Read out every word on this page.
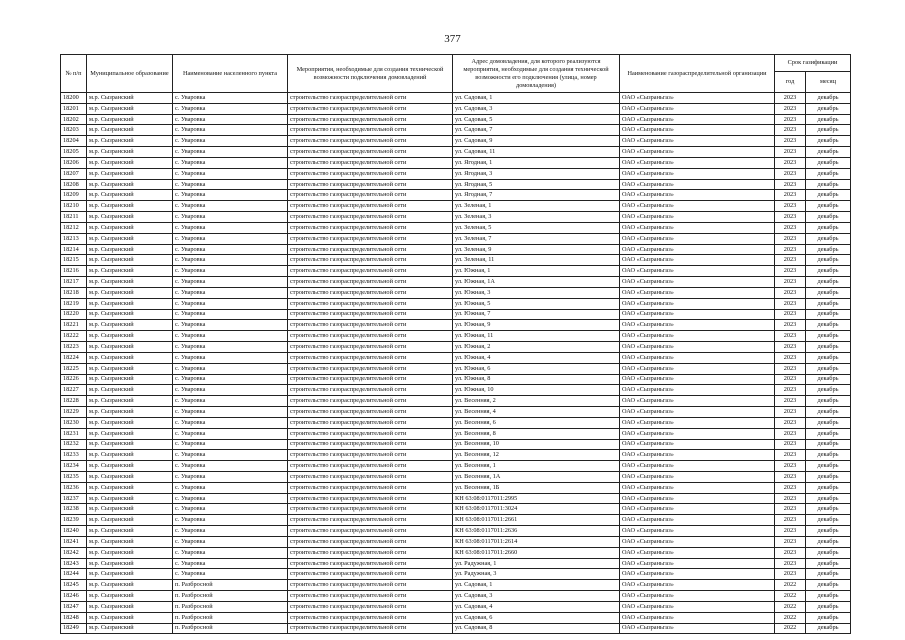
377
№ п/п	Муниципальное образование	Наименование населенного пункта	Мероприятия, необходимые для создания технической возможности подключения домовладений	Адрес домовладения, для которого реализуются мероприятия, необходимые для создания технической возможности его подключения (улица, номер домовладения)	Наименование газораспределительной организации	Срок газификации	
						год	месяц
18200	м.р. Сызранский	с. Уваровка	строительство газораспределительной сети	ул. Садовая, 1	ОАО «Сызраньгаз»	2023	декабрь
18201	м.р. Сызранский	с. Уваровка	строительство газораспределительной сети	ул. Садовая, 3	ОАО «Сызраньгаз»	2023	декабрь
18202	м.р. Сызранский	с. Уваровка	строительство газораспределительной сети	ул. Садовая, 5	ОАО «Сызраньгаз»	2023	декабрь
18203	м.р. Сызранский	с. Уваровка	строительство газораспределительной сети	ул. Садовая, 7	ОАО «Сызраньгаз»	2023	декабрь
18204	м.р. Сызранский	с. Уваровка	строительство газораспределительной сети	ул. Садовая, 9	ОАО «Сызраньгаз»	2023	декабрь
18205	м.р. Сызранский	с. Уваровка	строительство газораспределительной сети	ул. Садовая, 11	ОАО «Сызраньгаз»	2023	декабрь
18206	м.р. Сызранский	с. Уваровка	строительство газораспределительной сети	ул. Ягодная, 1	ОАО «Сызраньгаз»	2023	декабрь
18207	м.р. Сызранский	с. Уваровка	строительство газораспределительной сети	ул. Ягодная, 3	ОАО «Сызраньгаз»	2023	декабрь
18208	м.р. Сызранский	с. Уваровка	строительство газораспределительной сети	ул. Ягодная, 5	ОАО «Сызраньгаз»	2023	декабрь
18209	м.р. Сызранский	с. Уваровка	строительство газораспределительной сети	ул. Ягодная, 7	ОАО «Сызраньгаз»	2023	декабрь
18210	м.р. Сызранский	с. Уваровка	строительство газораспределительной сети	ул. Зеленая, 1	ОАО «Сызраньгаз»	2023	декабрь
18211	м.р. Сызранский	с. Уваровка	строительство газораспределительной сети	ул. Зеленая, 3	ОАО «Сызраньгаз»	2023	декабрь
18212	м.р. Сызранский	с. Уваровка	строительство газораспределительной сети	ул. Зеленая, 5	ОАО «Сызраньгаз»	2023	декабрь
18213	м.р. Сызранский	с. Уваровка	строительство газораспределительной сети	ул. Зеленая, 7	ОАО «Сызраньгаз»	2023	декабрь
18214	м.р. Сызранский	с. Уваровка	строительство газораспределительной сети	ул. Зеленая, 9	ОАО «Сызраньгаз»	2023	декабрь
18215	м.р. Сызранский	с. Уваровка	строительство газораспределительной сети	ул. Зеленая, 11	ОАО «Сызраньгаз»	2023	декабрь
18216	м.р. Сызранский	с. Уваровка	строительство газораспределительной сети	ул. Южная, 1	ОАО «Сызраньгаз»	2023	декабрь
18217	м.р. Сызранский	с. Уваровка	строительство газораспределительной сети	ул. Южная, 1А	ОАО «Сызраньгаз»	2023	декабрь
18218	м.р. Сызранский	с. Уваровка	строительство газораспределительной сети	ул. Южная, 3	ОАО «Сызраньгаз»	2023	декабрь
18219	м.р. Сызранский	с. Уваровка	строительство газораспределительной сети	ул. Южная, 5	ОАО «Сызраньгаз»	2023	декабрь
18220	м.р. Сызранский	с. Уваровка	строительство газораспределительной сети	ул. Южная, 7	ОАО «Сызраньгаз»	2023	декабрь
18221	м.р. Сызранский	с. Уваровка	строительство газораспределительной сети	ул. Южная, 9	ОАО «Сызраньгаз»	2023	декабрь
18222	м.р. Сызранский	с. Уваровка	строительство газораспределительной сети	ул. Южная, 11	ОАО «Сызраньгаз»	2023	декабрь
18223	м.р. Сызранский	с. Уваровка	строительство газораспределительной сети	ул. Южная, 2	ОАО «Сызраньгаз»	2023	декабрь
18224	м.р. Сызранский	с. Уваровка	строительство газораспределительной сети	ул. Южная, 4	ОАО «Сызраньгаз»	2023	декабрь
18225	м.р. Сызранский	с. Уваровка	строительство газораспределительной сети	ул. Южная, 6	ОАО «Сызраньгаз»	2023	декабрь
18226	м.р. Сызранский	с. Уваровка	строительство газораспределительной сети	ул. Южная, 8	ОАО «Сызраньгаз»	2023	декабрь
18227	м.р. Сызранский	с. Уваровка	строительство газораспределительной сети	ул. Южная, 10	ОАО «Сызраньгаз»	2023	декабрь
18228	м.р. Сызранский	с. Уваровка	строительство газораспределительной сети	ул. Весенняя, 2	ОАО «Сызраньгаз»	2023	декабрь
18229	м.р. Сызранский	с. Уваровка	строительство газораспределительной сети	ул. Весенняя, 4	ОАО «Сызраньгаз»	2023	декабрь
18230	м.р. Сызранский	с. Уваровка	строительство газораспределительной сети	ул. Весенняя, 6	ОАО «Сызраньгаз»	2023	декабрь
18231	м.р. Сызранский	с. Уваровка	строительство газораспределительной сети	ул. Весенняя, 8	ОАО «Сызраньгаз»	2023	декабрь
18232	м.р. Сызранский	с. Уваровка	строительство газораспределительной сети	ул. Весенняя, 10	ОАО «Сызраньгаз»	2023	декабрь
18233	м.р. Сызранский	с. Уваровка	строительство газораспределительной сети	ул. Весенняя, 12	ОАО «Сызраньгаз»	2023	декабрь
18234	м.р. Сызранский	с. Уваровка	строительство газораспределительной сети	ул. Весенняя, 1	ОАО «Сызраньгаз»	2023	декабрь
18235	м.р. Сызранский	с. Уваровка	строительство газораспределительной сети	ул. Весенняя, 1А	ОАО «Сызраньгаз»	2023	декабрь
18236	м.р. Сызранский	с. Уваровка	строительство газораспределительной сети	ул. Весенняя, 1Б	ОАО «Сызраньгаз»	2023	декабрь
18237	м.р. Сызранский	с. Уваровка	строительство газораспределительной сети	КН 63:08:0117011:2995	ОАО «Сызраньгаз»	2023	декабрь
18238	м.р. Сызранский	с. Уваровка	строительство газораспределительной сети	КН 63:08:0117011:3024	ОАО «Сызраньгаз»	2023	декабрь
18239	м.р. Сызранский	с. Уваровка	строительство газораспределительной сети	КН 63:08:0117011:2661	ОАО «Сызраньгаз»	2023	декабрь
18240	м.р. Сызранский	с. Уваровка	строительство газораспределительной сети	КН 63:08:0117011:2636	ОАО «Сызраньгаз»	2023	декабрь
18241	м.р. Сызранский	с. Уваровка	строительство газораспределительной сети	КН 63:08:0117011:2614	ОАО «Сызраньгаз»	2023	декабрь
18242	м.р. Сызранский	с. Уваровка	строительство газораспределительной сети	КН 63:08:0117011:2660	ОАО «Сызраньгаз»	2023	декабрь
18243	м.р. Сызранский	с. Уваровка	строительство газораспределительной сети	ул. Радужная, 1	ОАО «Сызраньгаз»	2023	декабрь
18244	м.р. Сызранский	с. Уваровка	строительство газораспределительной сети	ул. Радужная, 3	ОАО «Сызраньгаз»	2023	декабрь
18245	м.р. Сызранский	п. Разбросной	строительство газораспределительной сети	ул. Садовая, 1	ОАО «Сызраньгаз»	2022	декабрь
18246	м.р. Сызранский	п. Разбросной	строительство газораспределительной сети	ул. Садовая, 3	ОАО «Сызраньгаз»	2022	декабрь
18247	м.р. Сызранский	п. Разбросной	строительство газораспределительной сети	ул. Садовая, 4	ОАО «Сызраньгаз»	2022	декабрь
18248	м.р. Сызранский	п. Разбросной	строительство газораспределительной сети	ул. Садовая, 6	ОАО «Сызраньгаз»	2022	декабрь
18249	м.р. Сызранский	п. Разбросной	строительство газораспределительной сети	ул. Садовая, 8	ОАО «Сызраньгаз»	2022	декабрь
